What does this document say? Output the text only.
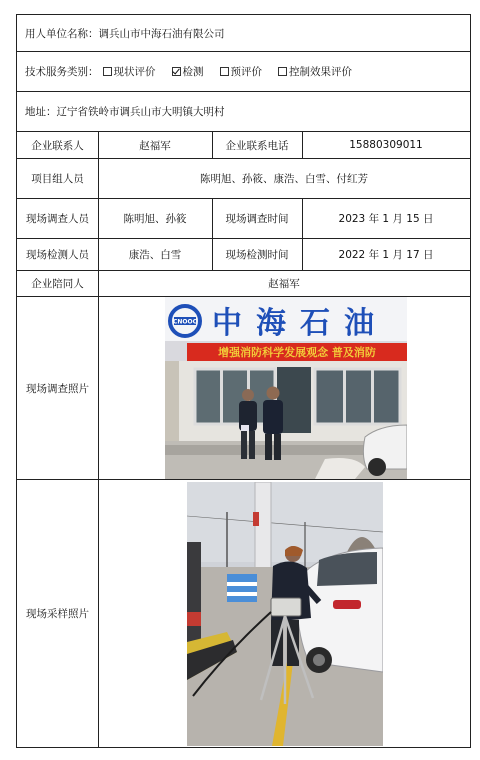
用人单位名称： 调兵山市中海石油有限公司
技术服务类别： 现状评价	检测	预评价	控制效果评价
地址： 辽宁省铁岭市调兵山市大明镇大明村
企业联系人	赵福军	企业联系电话	15880309011
项目组人员	陈明旭、孙筱、康浩、白雪、付红芳
现场调查人员	陈明旭、孙筱	现场调查时间	2023 年 1 月 15 日
现场检测人员	康浩、白雪	现场检测时间	2022 年 1 月 17 日
企业陪同人	赵福军
现场调查照片
CNOOC 中海石油
增强消防科学发展观念 普及消防
现场采样照片
